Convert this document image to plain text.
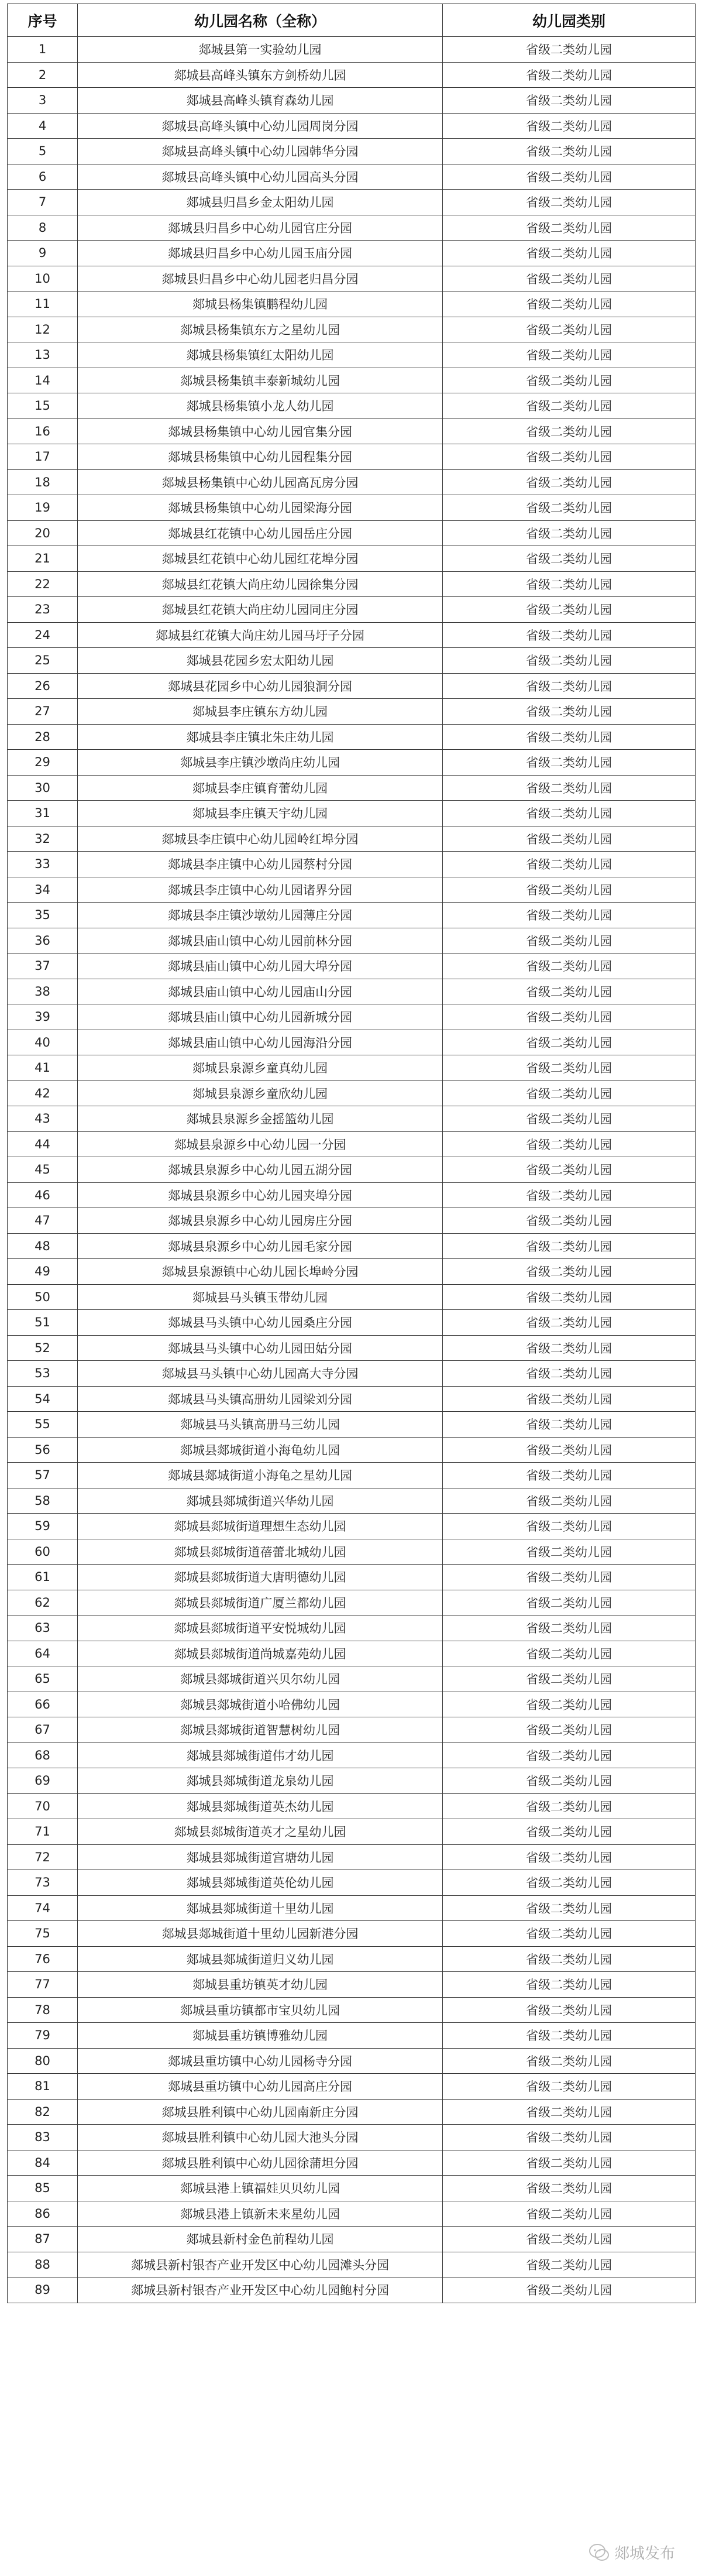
序号	幼儿园名称（全称）	幼儿园类别
1	郯城县第一实验幼儿园	省级二类幼儿园
2	郯城县高峰头镇东方剑桥幼儿园	省级二类幼儿园
3	郯城县高峰头镇育森幼儿园	省级二类幼儿园
4	郯城县高峰头镇中心幼儿园周岗分园	省级二类幼儿园
5	郯城县高峰头镇中心幼儿园韩华分园	省级二类幼儿园
6	郯城县高峰头镇中心幼儿园高头分园	省级二类幼儿园
7	郯城县归昌乡金太阳幼儿园	省级二类幼儿园
8	郯城县归昌乡中心幼儿园官庄分园	省级二类幼儿园
9	郯城县归昌乡中心幼儿园玉庙分园	省级二类幼儿园
10	郯城县归昌乡中心幼儿园老归昌分园	省级二类幼儿园
11	郯城县杨集镇鹏程幼儿园	省级二类幼儿园
12	郯城县杨集镇东方之星幼儿园	省级二类幼儿园
13	郯城县杨集镇红太阳幼儿园	省级二类幼儿园
14	郯城县杨集镇丰泰新城幼儿园	省级二类幼儿园
15	郯城县杨集镇小龙人幼儿园	省级二类幼儿园
16	郯城县杨集镇中心幼儿园官集分园	省级二类幼儿园
17	郯城县杨集镇中心幼儿园程集分园	省级二类幼儿园
18	郯城县杨集镇中心幼儿园高瓦房分园	省级二类幼儿园
19	郯城县杨集镇中心幼儿园梁海分园	省级二类幼儿园
20	郯城县红花镇中心幼儿园岳庄分园	省级二类幼儿园
21	郯城县红花镇中心幼儿园红花埠分园	省级二类幼儿园
22	郯城县红花镇大尚庄幼儿园徐集分园	省级二类幼儿园
23	郯城县红花镇大尚庄幼儿园同庄分园	省级二类幼儿园
24	郯城县红花镇大尚庄幼儿园马圩子分园	省级二类幼儿园
25	郯城县花园乡宏太阳幼儿园	省级二类幼儿园
26	郯城县花园乡中心幼儿园狼洞分园	省级二类幼儿园
27	郯城县李庄镇东方幼儿园	省级二类幼儿园
28	郯城县李庄镇北朱庄幼儿园	省级二类幼儿园
29	郯城县李庄镇沙墩尚庄幼儿园	省级二类幼儿园
30	郯城县李庄镇育蕾幼儿园	省级二类幼儿园
31	郯城县李庄镇天宇幼儿园	省级二类幼儿园
32	郯城县李庄镇中心幼儿园岭红埠分园	省级二类幼儿园
33	郯城县李庄镇中心幼儿园蔡村分园	省级二类幼儿园
34	郯城县李庄镇中心幼儿园诸界分园	省级二类幼儿园
35	郯城县李庄镇沙墩幼儿园薄庄分园	省级二类幼儿园
36	郯城县庙山镇中心幼儿园前林分园	省级二类幼儿园
37	郯城县庙山镇中心幼儿园大埠分园	省级二类幼儿园
38	郯城县庙山镇中心幼儿园庙山分园	省级二类幼儿园
39	郯城县庙山镇中心幼儿园新城分园	省级二类幼儿园
40	郯城县庙山镇中心幼儿园海沿分园	省级二类幼儿园
41	郯城县泉源乡童真幼儿园	省级二类幼儿园
42	郯城县泉源乡童欣幼儿园	省级二类幼儿园
43	郯城县泉源乡金摇篮幼儿园	省级二类幼儿园
44	郯城县泉源乡中心幼儿园一分园	省级二类幼儿园
45	郯城县泉源乡中心幼儿园五湖分园	省级二类幼儿园
46	郯城县泉源乡中心幼儿园夹埠分园	省级二类幼儿园
47	郯城县泉源乡中心幼儿园房庄分园	省级二类幼儿园
48	郯城县泉源乡中心幼儿园毛家分园	省级二类幼儿园
49	郯城县泉源镇中心幼儿园长埠岭分园	省级二类幼儿园
50	郯城县马头镇玉带幼儿园	省级二类幼儿园
51	郯城县马头镇中心幼儿园桑庄分园	省级二类幼儿园
52	郯城县马头镇中心幼儿园田姑分园	省级二类幼儿园
53	郯城县马头镇中心幼儿园高大寺分园	省级二类幼儿园
54	郯城县马头镇高册幼儿园梁刘分园	省级二类幼儿园
55	郯城县马头镇高册马三幼儿园	省级二类幼儿园
56	郯城县郯城街道小海龟幼儿园	省级二类幼儿园
57	郯城县郯城街道小海龟之星幼儿园	省级二类幼儿园
58	郯城县郯城街道兴华幼儿园	省级二类幼儿园
59	郯城县郯城街道理想生态幼儿园	省级二类幼儿园
60	郯城县郯城街道蓓蕾北城幼儿园	省级二类幼儿园
61	郯城县郯城街道大唐明德幼儿园	省级二类幼儿园
62	郯城县郯城街道广厦兰都幼儿园	省级二类幼儿园
63	郯城县郯城街道平安悦城幼儿园	省级二类幼儿园
64	郯城县郯城街道尚城嘉苑幼儿园	省级二类幼儿园
65	郯城县郯城街道兴贝尔幼儿园	省级二类幼儿园
66	郯城县郯城街道小哈佛幼儿园	省级二类幼儿园
67	郯城县郯城街道智慧树幼儿园	省级二类幼儿园
68	郯城县郯城街道伟才幼儿园	省级二类幼儿园
69	郯城县郯城街道龙泉幼儿园	省级二类幼儿园
70	郯城县郯城街道英杰幼儿园	省级二类幼儿园
71	郯城县郯城街道英才之星幼儿园	省级二类幼儿园
72	郯城县郯城街道宫塘幼儿园	省级二类幼儿园
73	郯城县郯城街道英伦幼儿园	省级二类幼儿园
74	郯城县郯城街道十里幼儿园	省级二类幼儿园
75	郯城县郯城街道十里幼儿园新港分园	省级二类幼儿园
76	郯城县郯城街道归义幼儿园	省级二类幼儿园
77	郯城县重坊镇英才幼儿园	省级二类幼儿园
78	郯城县重坊镇都市宝贝幼儿园	省级二类幼儿园
79	郯城县重坊镇博雅幼儿园	省级二类幼儿园
80	郯城县重坊镇中心幼儿园杨寺分园	省级二类幼儿园
81	郯城县重坊镇中心幼儿园高庄分园	省级二类幼儿园
82	郯城县胜利镇中心幼儿园南新庄分园	省级二类幼儿园
83	郯城县胜利镇中心幼儿园大池头分园	省级二类幼儿园
84	郯城县胜利镇中心幼儿园徐蒲坦分园	省级二类幼儿园
85	郯城县港上镇福娃贝贝幼儿园	省级二类幼儿园
86	郯城县港上镇新未来星幼儿园	省级二类幼儿园
87	郯城县新村金色前程幼儿园	省级二类幼儿园
88	郯城县新村银杏产业开发区中心幼儿园滩头分园	省级二类幼儿园
89	郯城县新村银杏产业开发区中心幼儿园鲍村分园	省级二类幼儿园
郯城发布
